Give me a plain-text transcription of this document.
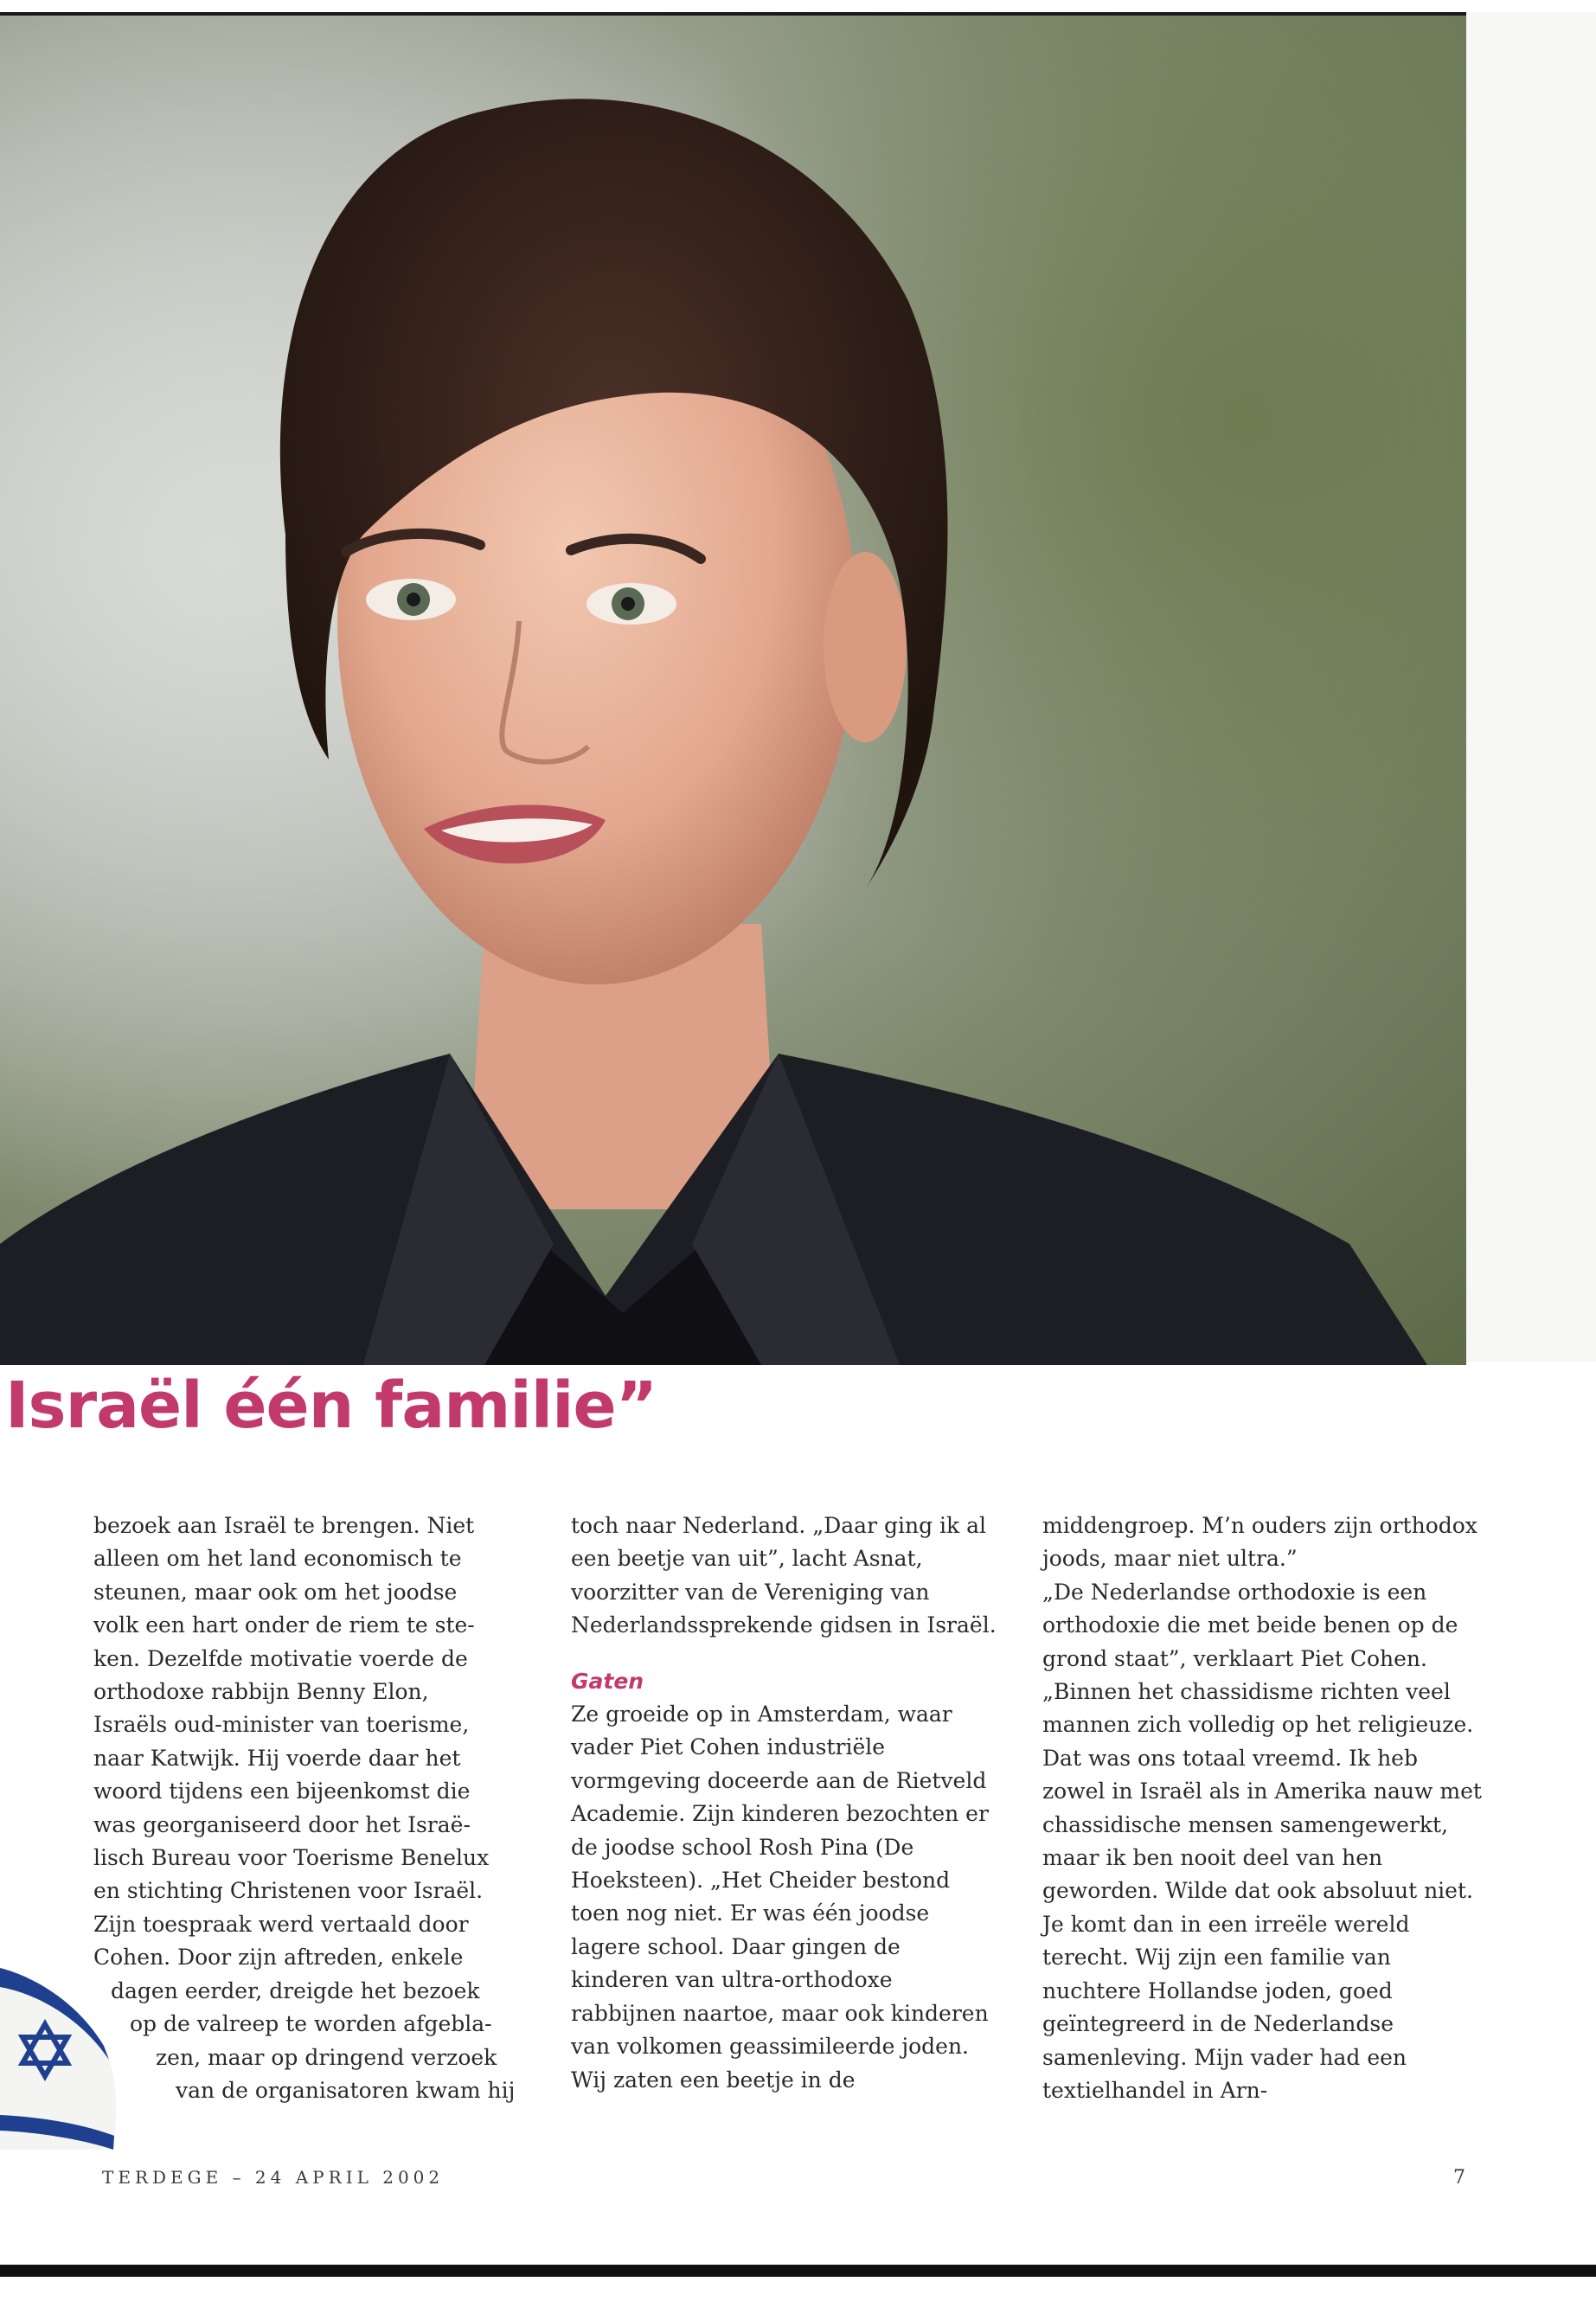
Israël één familie”
bezoek aan Israël te brengen. Niet
alleen om het land economisch te
steunen, maar ook om het joodse
volk een hart onder de riem te ste-
ken. Dezelfde motivatie voerde de
orthodoxe rabbijn Benny Elon,
Israëls oud-minister van toerisme,
naar Katwijk. Hij voerde daar het
woord tijdens een bijeenkomst die
was georganiseerd door het Israë-
lisch Bureau voor Toerisme Benelux
en stichting Christenen voor Israël.
Zijn toespraak werd vertaald door
Cohen. Door zijn aftreden, enkele
dagen eerder, dreigde het bezoek
op de valreep te worden afgebla-
zen, maar op dringend verzoek
van de organisatoren kwam hij

toch naar Nederland. „Daar ging ik al een beetje van uit”, lacht Asnat, voorzitter van de Vereniging van Nederlandssprekende gidsen in Israël.

Gaten

Ze groeide op in Amsterdam, waar vader Piet Cohen industriële vormgeving doceerde aan de Rietveld Academie. Zijn kinderen bezochten er de joodse school Rosh Pina (De Hoeksteen). „Het Cheider bestond toen nog niet. Er was één joodse lagere school. Daar gingen de kinderen van ultra-orthodoxe rabbijnen naartoe, maar ook kinderen van volkomen geassimileerde joden. Wij zaten een beetje in de

middengroep. M’n ouders zijn orthodox joods, maar niet ultra.”

„De Nederlandse orthodoxie is een orthodoxie die met beide benen op de grond staat”, verklaart Piet Cohen. „Binnen het chassidisme richten veel mannen zich volledig op het religieuze. Dat was ons totaal vreemd. Ik heb zowel in Israël als in Amerika nauw met chassidische mensen samengewerkt, maar ik ben nooit deel van hen geworden. Wilde dat ook absoluut niet. Je komt dan in een irreële wereld terecht. Wij zijn een familie van nuchtere Hollandse joden, goed geïntegreerd in de Nederlandse samenleving. Mijn vader had een textielhandel in Arn-

TERDEGE – 24 APRIL 2002	7
